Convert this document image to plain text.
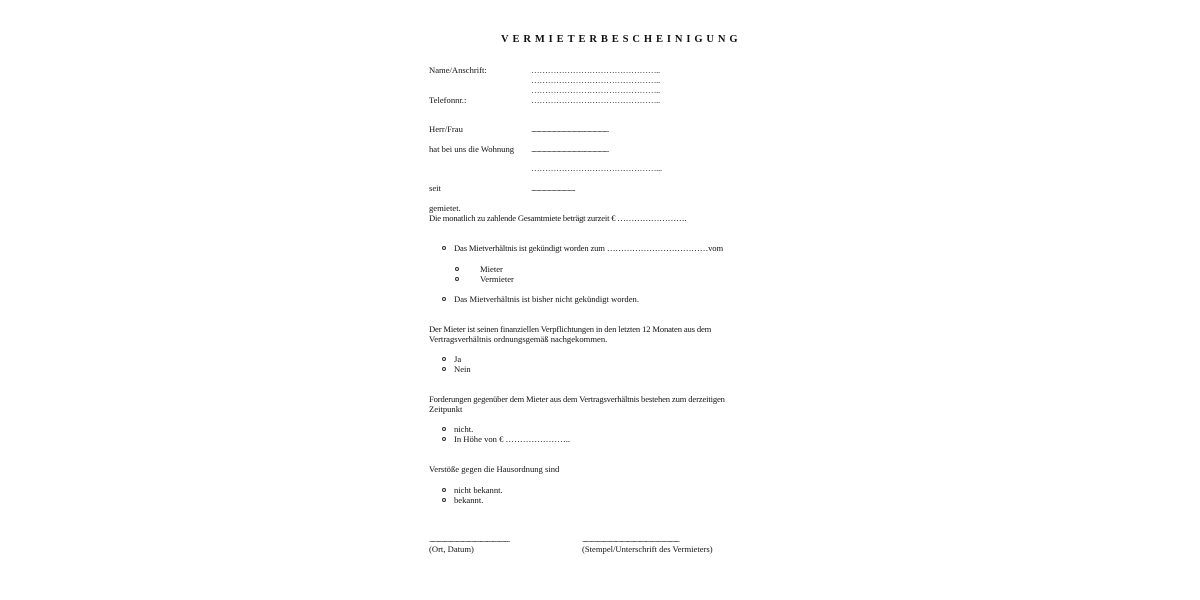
VERMIETERBESCHEINIGUNG
Name/Anschrift:	………………………………………..
………………………………………..
………………………………………..
Telefonnr.:	………………………………………..
Herr/Frau	..............................................................
hat bei uns die Wohnung ..............................................................
………………………………………...
seit	...................................
gemietet.
Die monatlich zu zahlende Gesamtmiete beträgt zurzeit € …………………….
Das Mietverhältnis ist gekündigt worden zum ………………………………vom
Mieter
Vermieter
Das Mietverhältnis ist bisher nicht gekündigt worden.
Der Mieter ist seinen finanziellen Verpflichtungen in den letzten 12 Monaten aus dem
Vertragsverhältnis ordnungsgemäß nachgekommen.
Ja
Nein
Forderungen gegenüber dem Mieter aus dem Vertragsverhältnis bestehen zum derzeitigen
Zeitpunkt
nicht.
In Höhe von € …………………..
Verstöße gegen die Hausordnung sind
nicht bekannt.
bekannt.
...................................................................
(Ort, Datum)
.................................................................................
(Stempel/Unterschrift des Vermieters)
